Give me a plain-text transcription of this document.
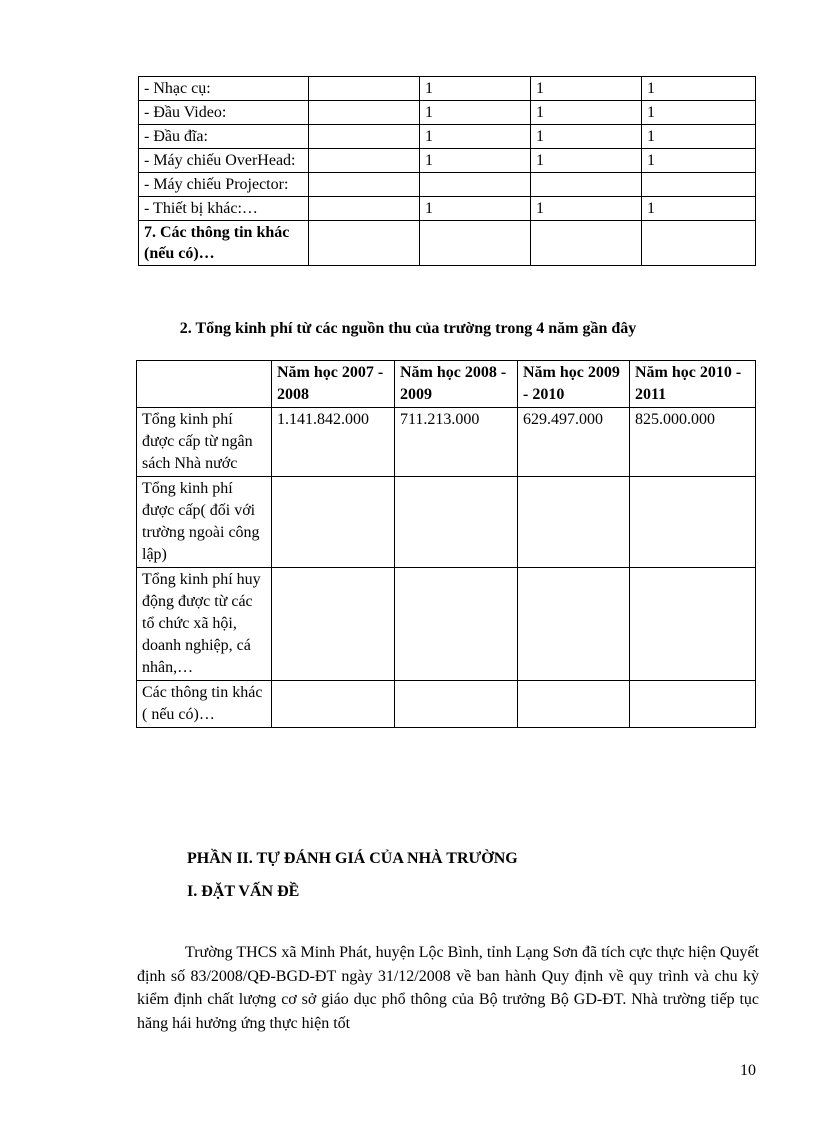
- Nhạc cụ:		1	1	1
- Đầu Video:		1	1	1
- Đầu đĩa:		1	1	1
- Máy chiếu OverHead:		1	1	1
- Máy chiếu Projector:				
- Thiết bị khác:…		1	1	1
7. Các thông tin khác (nếu có)…				
2. Tổng kinh phí từ các nguồn thu của trường trong 4 năm gần đây
	Năm học 2007 - 2008	Năm học 2008 - 2009	Năm học 2009 - 2010	Năm học 2010 - 2011
Tổng kinh phí được cấp từ ngân sách Nhà nước	1.141.842.000	711.213.000	629.497.000	825.000.000
Tổng kinh phí được cấp( đối với trường ngoài công lập)				
Tổng kinh phí huy động được từ các tổ chức xã hội, doanh nghiệp, cá nhân,…				
Các thông tin khác ( nếu có)…				
PHẦN II. TỰ ĐÁNH GIÁ CỦA NHÀ TRƯỜNG
I. ĐẶT VẤN ĐỀ
Trường THCS xã Minh Phát, huyện Lộc Bình, tỉnh Lạng Sơn đã tích cực thực hiện Quyết định số 83/2008/QĐ-BGD-ĐT ngày 31/12/2008 về ban hành Quy định về quy trình và chu kỳ kiểm định chất lượng cơ sở giáo dục phổ thông của Bộ trưởng Bộ GD-ĐT. Nhà trường tiếp tục hăng hái hưởng ứng thực hiện tốt
10
